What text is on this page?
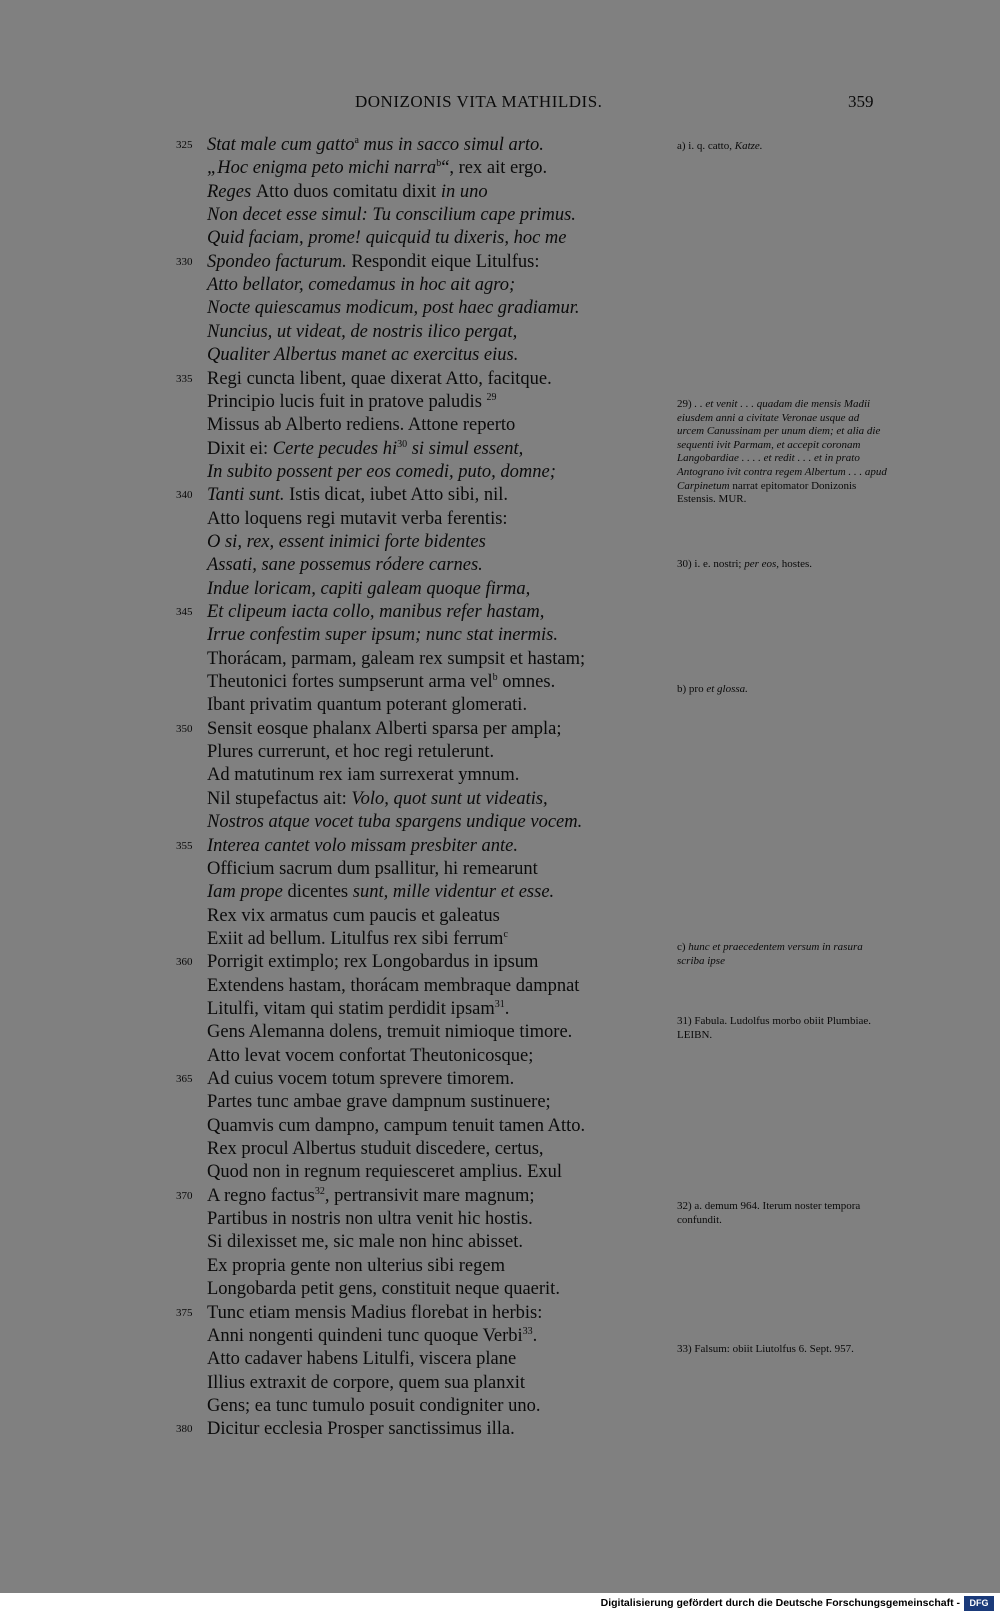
DONIZONIS VITA MATHILDIS.	359
325 Stat male cum gatto$^a$ mus in sacco simul arto.
„Hoc enigma peto michi narra$^b$“, rex ait ergo.
Reges Atto duos comitatu dixit in uno
Non decet esse simul: Tu conscilium cape primus.
Quid faciam, prome! quicquid tu dixeris, hoc me
330 Spondeo facturum. Respondit eique Litulfus:
Atto bellator, comedamus in hoc ait agro;
Nocte quiescamus modicum, post haec gradiamur.
Nuncius, ut videat, de nostris ilico pergat,
Qualiter Albertus manet ac exercitus eius.
335 Regi cuncta libent, quae dixerat Atto, facitque.
Principio lucis fuit in pratove paludis $^{29}$
Missus ab Alberto rediens. Attone reperto
Dixit ei: Certe pecudes $hi^{30}$ si simul essent,
In subito possent per eos comedi, puto, domne;
340 Tanti sunt. Istis dicat, iubet Atto sibi, nil.
Atto loquens regi mutavit verba ferentis:
O si, rex, essent inimici forte bidentes
Assati, sane possemus ródere carnes.
Indue loricam, capiti galeam quoque firma,
345 Et clipeum iacta collo, manibus refer hastam,
Irrue confestim super ipsum; nunc stat inermis.
Thorácam, parmam, galeam rex sumpsit et hastam;
Theutonici fortes sumpserunt arma vel$^b$ omnes.
Ibant privatim quantum poterant glomerati.
350 Sensit eosque phalanx Alberti sparsa per ampla;
Plures currerunt, et hoc regi retulerunt.
Ad matutinum rex iam surrexerat ymnum.
Nil stupefactus ait: Volo, quot sunt ut videatis,
Nostros atque vocet tuba spargens undique vocem.
355 Interea cantet volo missam presbiter ante.
Officium sacrum dum psallitur, hi remearunt
Iam prope dicentes sunt, mille videntur et esse.
Rex vix armatus cum paucis et galeatus
Exiit ad bellum. Litulfus rex sibi ferrum$^c$
360 Porrigit extimplo; rex Longobardus in ipsum
Extendens hastam, thorácam membraque dampnat
Litulfi, vitam qui statim perdidit ipsam$^{31}$.
Gens Alemanna dolens, tremuit nimioque timore.
Atto levat vocem confortat Theutonicosque;
365 Ad cuius vocem totum sprevere timorem.
Partes tunc ambae grave dampnum sustinuere;
Quamvis cum dampno, campum tenuit tamen Atto.
Rex procul Albertus studuit discedere, certus,
Quod non in regnum requiesceret amplius. Exul
370 A regno factus$^{32}$, pertransivit mare magnum;
Partibus in nostris non ultra venit hic hostis.
Si dilexisset me, sic male non hinc abisset.
Ex propria gente non ulterius sibi regem
Longobarda petit gens, constituit neque quaerit.
375 Tunc etiam mensis Madius florebat in herbis:
Anni nongenti quindeni tunc quoque Verbi$^{33}$.
Atto cadaver habens Litulfi, viscera plane
Illius extraxit de corpore, quem sua planxit
Gens; ea tunc tumulo posuit condigniter uno.
380 Dicitur ecclesia Prosper sanctissimus illa.
a) i. q. catto, Katze.
29) . . et venit . . . quadam die mensis Madii eiusdem anni a civitate Veronae usque ad urcem Canussinam per unum diem; et alia die sequenti ivit Parmam, et accepit coronam Langobardiae . . . . et redit . . . et in prato Antograno ivit contra regem Albertum . . . apud Carpinetum narrat epitomator Donizonis Estensis. MUR.
30) i. e. nostri; per eos, hostes.
b) pro et glossa.
c) hunc et praecedentem versum in rasura scriba ipse
31) Fabula. Ludolfus morbo obiit Plumbiae. LEIBN.
32) a. demum 964. Iterum noster tempora confundit.
33) Falsum: obiit Liutolfus 6. Sept. 957.
Digitalisierung gefördert durch die Deutsche Forschungsgemeinschaft -	DFG
